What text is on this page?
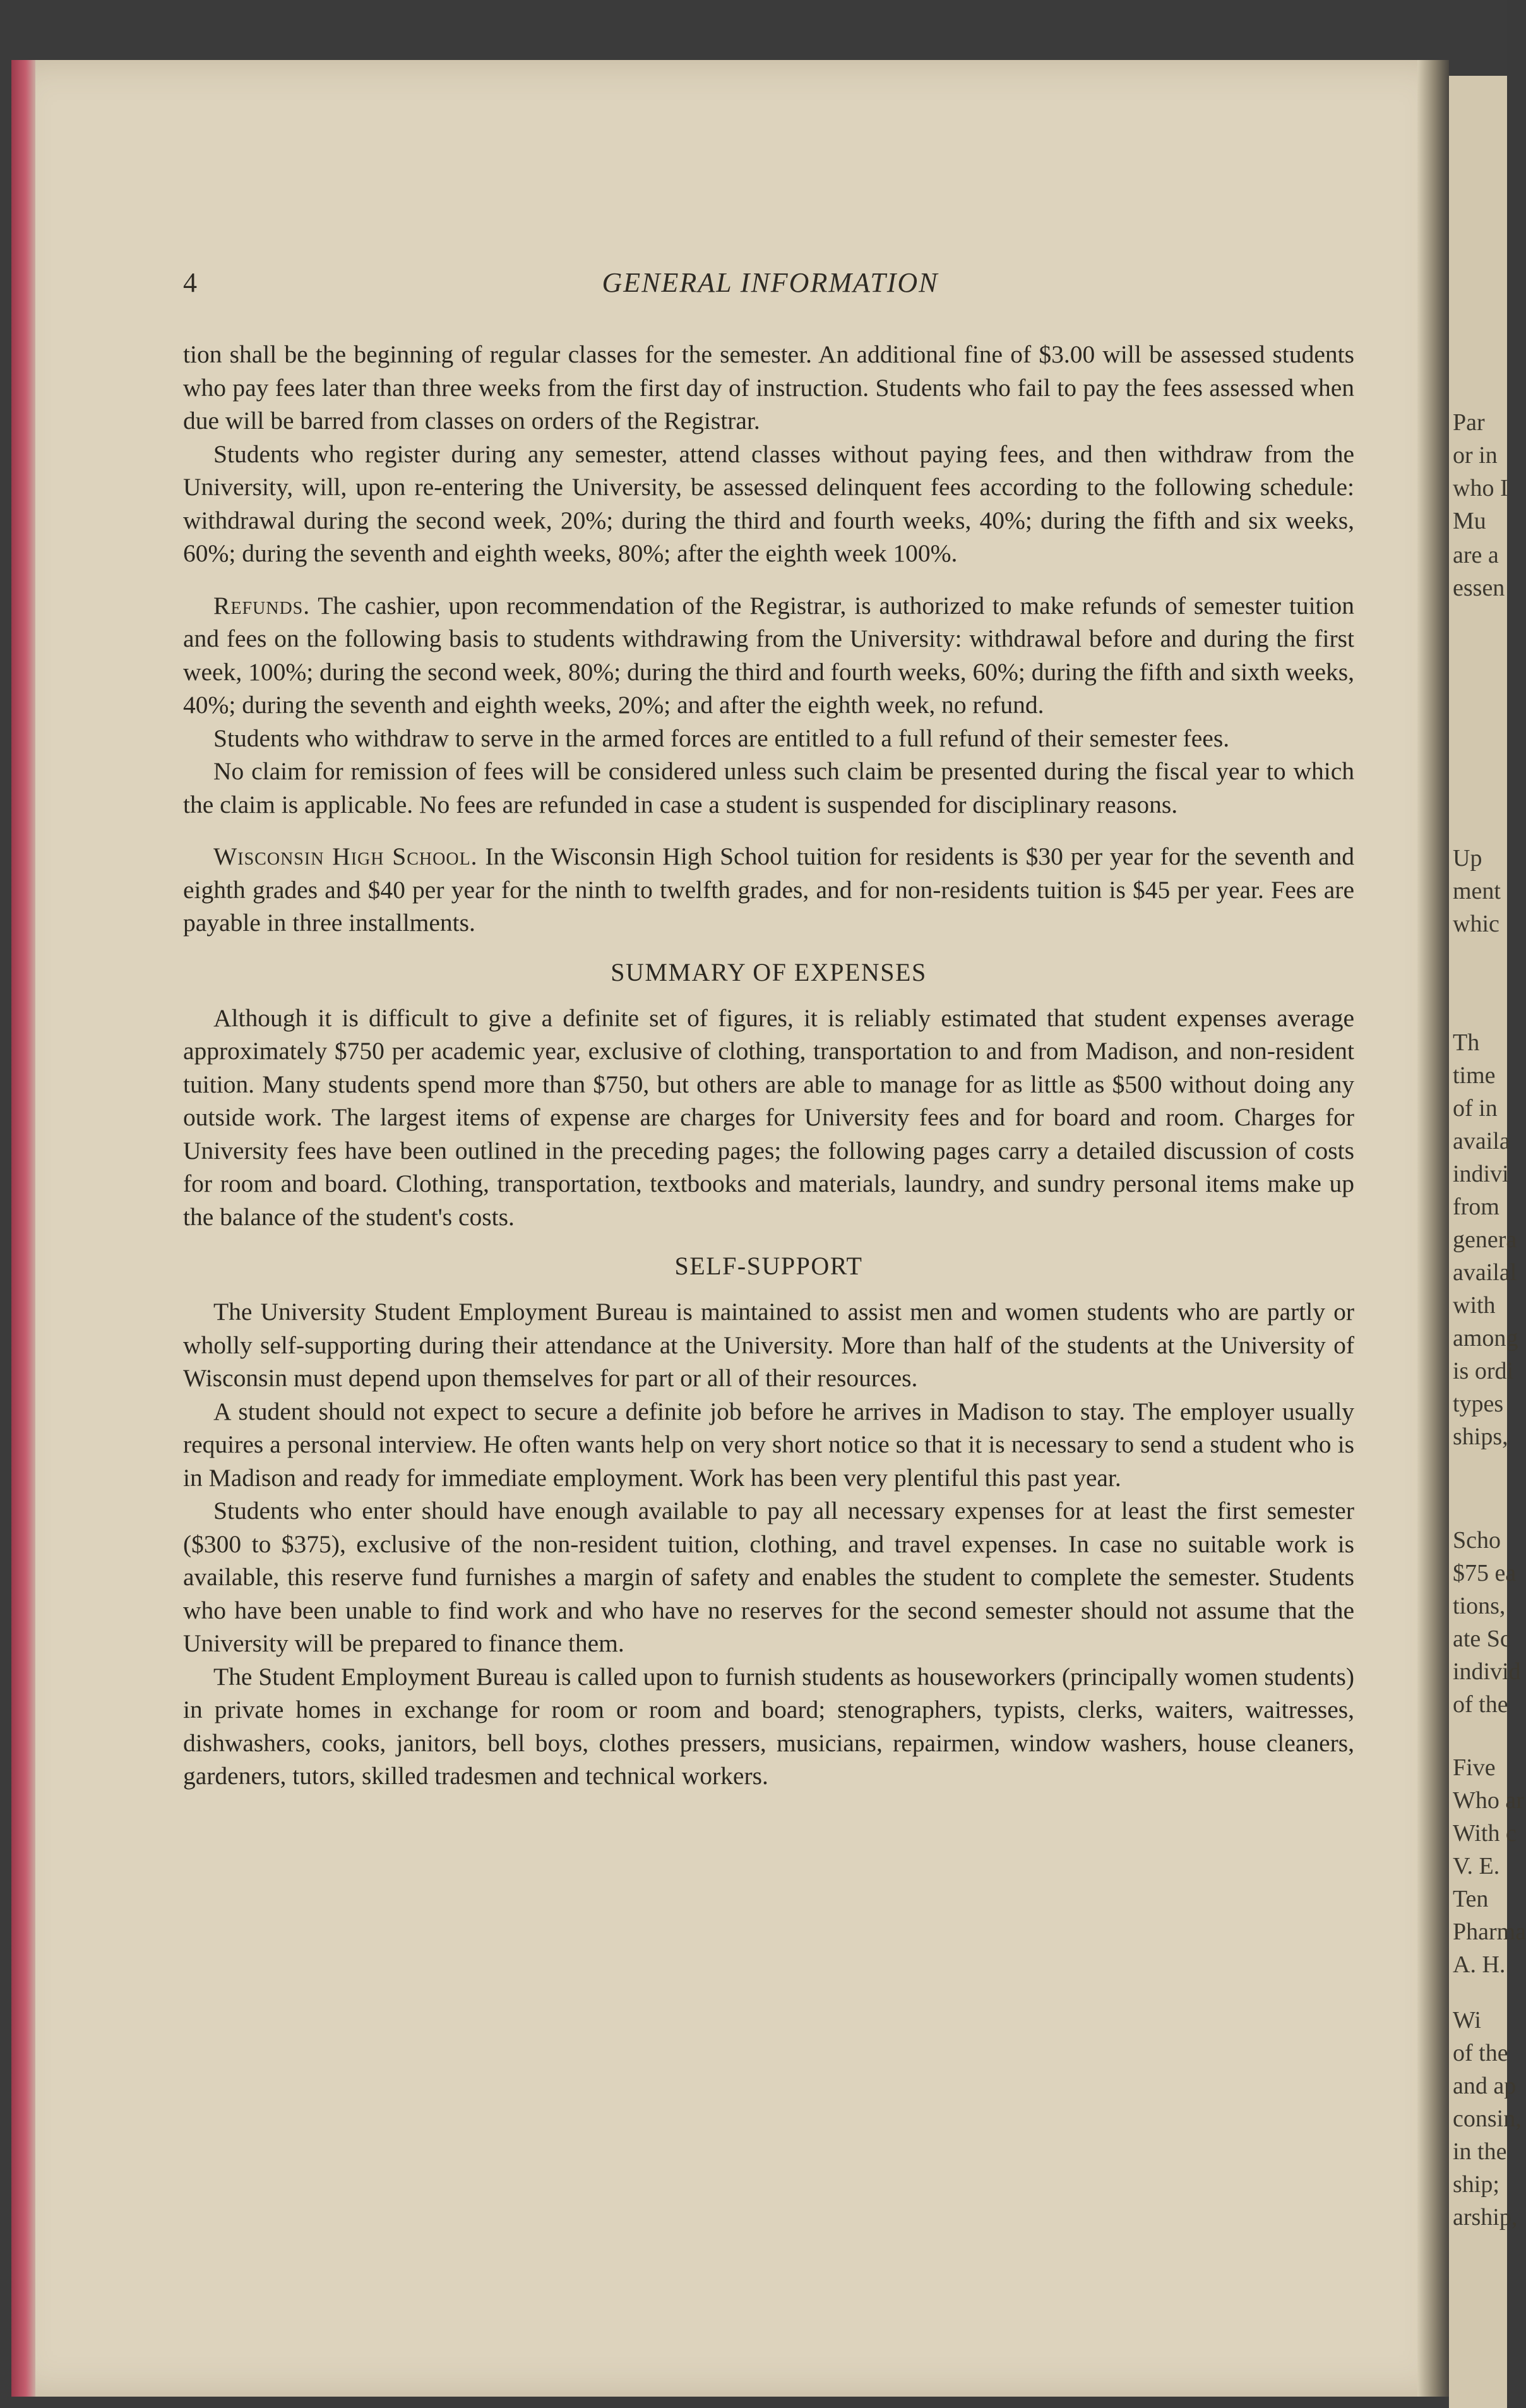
Par
or in
who I
Mu
are a
essen
Up
ment
whic
Th
time
of in
availa
indivi
from
genera
availal
with
among
is ordi
types
ships,
Scho
$75 ea
tions,
ate Sc
individ
of the
Five
Who ar
With c
V. E.
Ten
Pharma
A. H.
Wi
of the
and ap
consin,
in the
ship;
arship,
4	GENERAL INFORMATION

tion shall be the beginning of regular classes for the semester. An additional fine of $3.00 will be assessed students who pay fees later than three weeks from the first day of instruction. Students who fail to pay the fees assessed when due will be barred from classes on orders of the Registrar.

Students who register during any semester, attend classes without paying fees, and then withdraw from the University, will, upon re-entering the University, be assessed delinquent fees according to the following schedule: withdrawal during the second week, 20%; during the third and fourth weeks, 40%; during the fifth and six weeks, 60%; during the seventh and eighth weeks, 80%; after the eighth week 100%.

Refunds. The cashier, upon recommendation of the Registrar, is authorized to make refunds of semester tuition and fees on the following basis to students withdrawing from the University: withdrawal before and during the first week, 100%; during the second week, 80%; during the third and fourth weeks, 60%; during the fifth and sixth weeks, 40%; during the seventh and eighth weeks, 20%; and after the eighth week, no refund.

Students who withdraw to serve in the armed forces are entitled to a full refund of their semester fees.

No claim for remission of fees will be considered unless such claim be presented during the fiscal year to which the claim is applicable. No fees are refunded in case a student is suspended for disciplinary reasons.

Wisconsin High School. In the Wisconsin High School tuition for residents is $30 per year for the seventh and eighth grades and $40 per year for the ninth to twelfth grades, and for non-residents tuition is $45 per year. Fees are payable in three installments.

SUMMARY OF EXPENSES

Although it is difficult to give a definite set of figures, it is reliably estimated that student expenses average approximately $750 per academic year, exclusive of clothing, transportation to and from Madison, and non-resident tuition. Many students spend more than $750, but others are able to manage for as little as $500 without doing any outside work. The largest items of expense are charges for University fees and for board and room. Charges for University fees have been outlined in the preceding pages; the following pages carry a detailed discussion of costs for room and board. Clothing, transportation, textbooks and materials, laundry, and sundry personal items make up the balance of the student's costs.

SELF-SUPPORT

The University Student Employment Bureau is maintained to assist men and women students who are partly or wholly self-supporting during their attendance at the University. More than half of the students at the University of Wisconsin must depend upon themselves for part or all of their resources.

A student should not expect to secure a definite job before he arrives in Madison to stay. The employer usually requires a personal interview. He often wants help on very short notice so that it is necessary to send a student who is in Madison and ready for immediate employment. Work has been very plentiful this past year.

Students who enter should have enough available to pay all necessary expenses for at least the first semester ($300 to $375), exclusive of the non-resident tuition, clothing, and travel expenses. In case no suitable work is available, this reserve fund furnishes a margin of safety and enables the student to complete the semester. Students who have been unable to find work and who have no reserves for the second semester should not assume that the University will be prepared to finance them.

The Student Employment Bureau is called upon to furnish students as houseworkers (principally women students) in private homes in exchange for room or room and board; stenographers, typists, clerks, waiters, waitresses, dishwashers, cooks, janitors, bell boys, clothes pressers, musicians, repairmen, window washers, house cleaners, gardeners, tutors, skilled tradesmen and technical workers.
